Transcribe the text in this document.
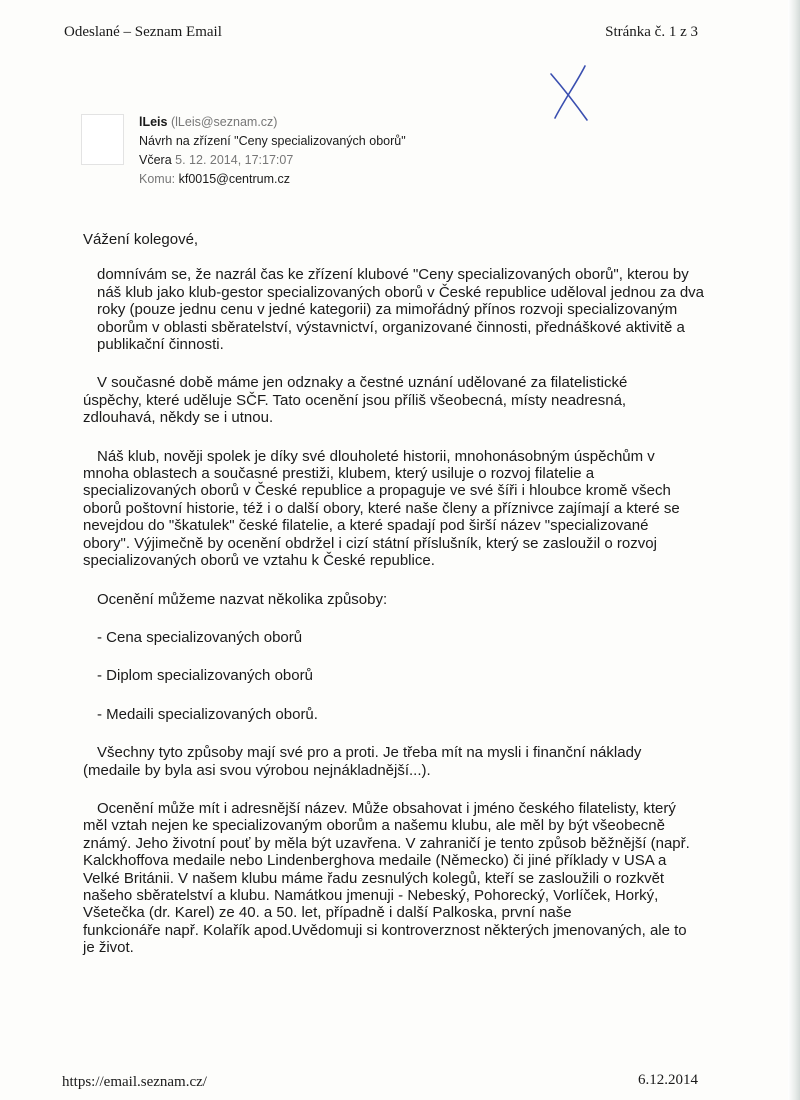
Odeslané – Seznam Email	Stránka č. 1 z 3
lLeis (lLeis@seznam.cz)
Návrh na zřízení "Ceny specializovaných oborů"
Včera 5. 12. 2014, 17:17:07
Komu: kf0015@centrum.cz

Vážení kolegové,

domnívám se, že nazrál čas ke zřízení klubové "Ceny specializovaných oborů", kterou by
náš klub jako klub-gestor specializovaných oborů v České republice uděloval jednou za dva
roky (pouze jednu cenu v jedné kategorii) za mimořádný přínos rozvoji specializovaným
oborům v oblasti sběratelství, výstavnictví, organizované činnosti, přednáškové aktivitě a
publikační činnosti.

V současné době máme jen odznaky a čestné uznání udělované za filatelistické
úspěchy, které uděluje SČF. Tato ocenění jsou příliš všeobecná, místy neadresná,
zdlouhavá, někdy se i utnou.

Náš klub, nověji spolek je díky své dlouholeté historii, mnohonásobným úspěchům v
mnoha oblastech a současné prestiži, klubem, který usiluje o rozvoj filatelie a
specializovaných oborů v České republice a propaguje ve své šíři i hloubce kromě všech
oborů poštovní historie, též i o další obory, které naše členy a příznivce zajímají a které se
nevejdou do "škatulek" české filatelie, a které spadají pod širší název "specializované
obory". Výjimečně by ocenění obdržel i cizí státní příslušník, který se zasloužil o rozvoj
specializovaných oborů ve vztahu k České republice.

Ocenění můžeme nazvat několika způsoby:

- Cena specializovaných oborů

- Diplom specializovaných oborů

- Medaili specializovaných oborů.

Všechny tyto způsoby mají své pro a proti. Je třeba mít na mysli i finanční náklady
(medaile by byla asi svou výrobou nejnákladnější...).

Ocenění může mít i adresnější název. Může obsahovat i jméno českého filatelisty, který
měl vztah nejen ke specializovaným oborům a našemu klubu, ale měl by být všeobecně
známý. Jeho životní pouť by měla být uzavřena. V zahraničí je tento způsob běžnější (např.
Kalckhoffova medaile nebo Lindenberghova medaile (Německo) či jiné příklady v USA a
Velké Británii. V našem klubu máme řadu zesnulých kolegů, kteří se zasloužili o rozkvět
našeho sběratelství a klubu. Namátkou jmenuji - Nebeský, Pohorecký, Vorlíček, Horký,
Všetečka (dr. Karel) ze 40. a 50. let, případně i další Palkoska, první naše
funkcionáře např. Kolařík apod.Uvědomuji si kontroverznost některých jmenovaných, ale to
je život.

https://email.seznam.cz/	6.12.2014
